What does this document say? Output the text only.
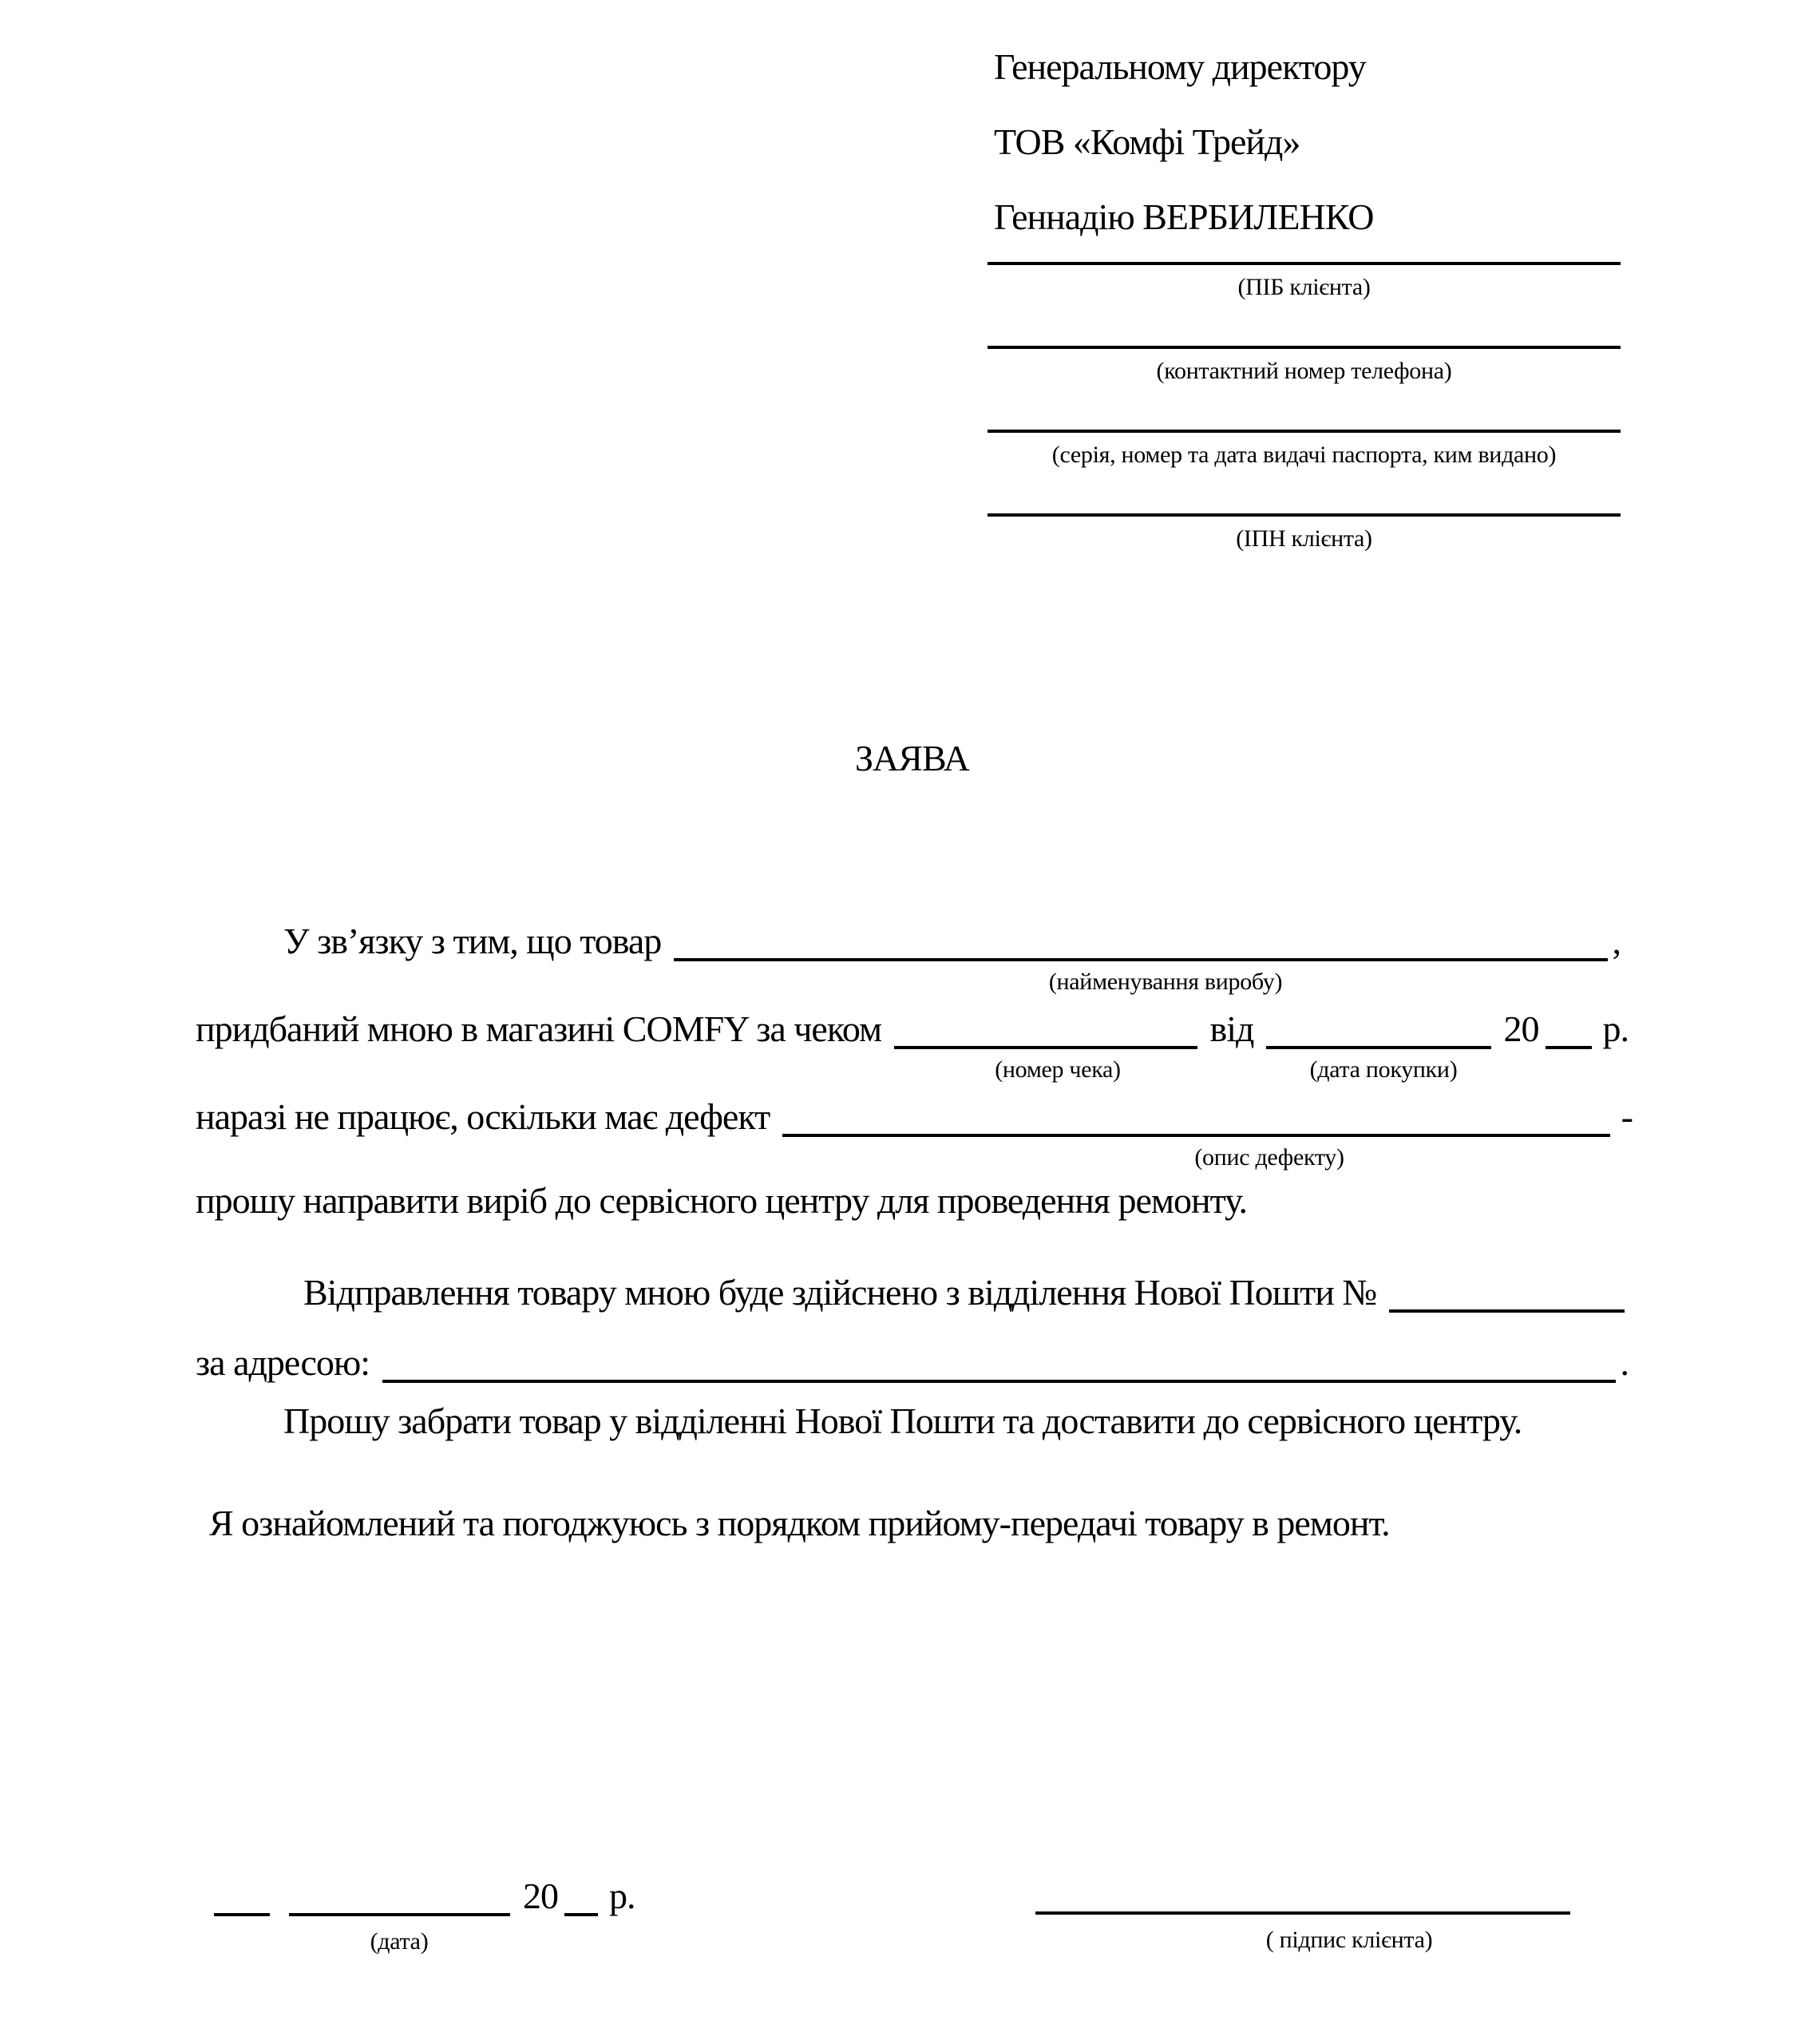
Генеральному директору
ТОВ «Комфі Трейд»
Геннадію ВЕРБИЛЕНКО
(ПІБ клієнта)
(контактний номер телефона)
(серія, номер та дата видачі паспорта, ким видано)
(ІПН клієнта)
ЗАЯВА
У зв’язку з тим, що товар	,
(найменування виробу)
придбаний мною в магазині COMFY за чеком	від	20 р.
(номер чека)	(дата покупки)
наразі не працює, оскільки має дефект	-
(опис дефекту)
прошу направити виріб до сервісного центру для проведення ремонту.
Відправлення товару мною буде здійснено з відділення Нової Пошти №
за адресою:	.
Прошу забрати товар у відділенні Нової Пошти та доставити до сервісного центру.
Я ознайомлений та погоджуюсь з порядком прийому-передачі товару в ремонт.
20 р.
(дата)	( підпис клієнта)
